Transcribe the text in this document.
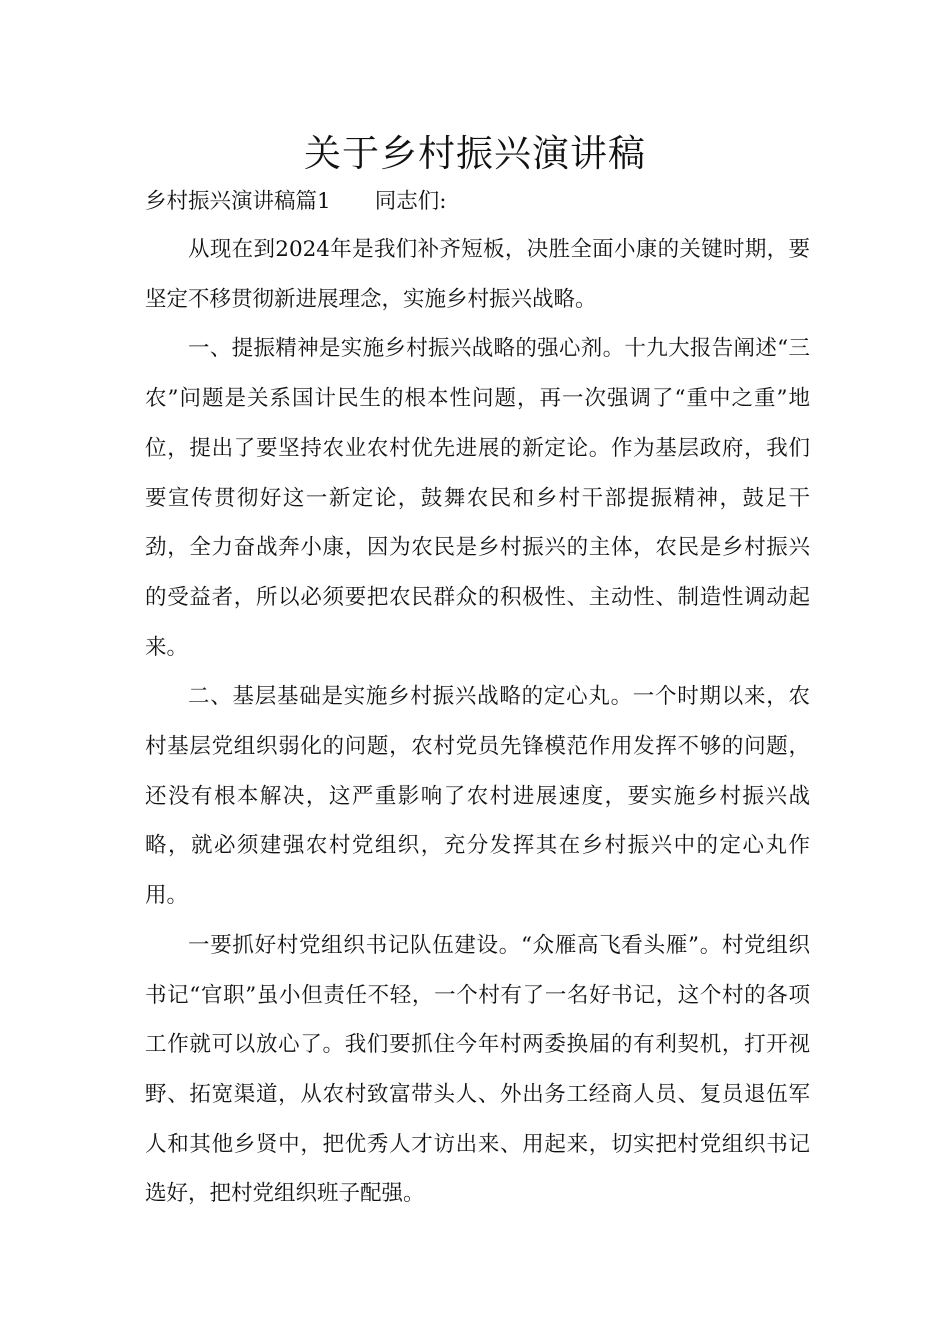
关于乡村振兴演讲稿
乡村振兴演讲稿篇1 同志们:

从现在到2024年是我们补齐短板，决胜全面小康的关键时期，要坚定不移贯彻新进展理念，实施乡村振兴战略。

一、提振精神是实施乡村振兴战略的强心剂。十九大报告阐述“三农”问题是关系国计民生的根本性问题，再一次强调了“重中之重”地位，提出了要坚持农业农村优先进展的新定论。作为基层政府，我们要宣传贯彻好这一新定论，鼓舞农民和乡村干部提振精神，鼓足干劲，全力奋战奔小康，因为农民是乡村振兴的主体，农民是乡村振兴的受益者，所以必须要把农民群众的积极性、主动性、制造性调动起来。

二、基层基础是实施乡村振兴战略的定心丸。一个时期以来，农村基层党组织弱化的问题，农村党员先锋模范作用发挥不够的问题，还没有根本解决，这严重影响了农村进展速度，要实施乡村振兴战略，就必须建强农村党组织，充分发挥其在乡村振兴中的定心丸作用。

一要抓好村党组织书记队伍建设。“众雁高飞看头雁”。村党组织书记“官职”虽小但责任不轻，一个村有了一名好书记，这个村的各项工作就可以放心了。我们要抓住今年村两委换届的有利契机，打开视野、拓宽渠道，从农村致富带头人、外出务工经商人员、复员退伍军人和其他乡贤中，把优秀人才访出来、用起来，切实把村党组织书记选好，把村党组织班子配强。
